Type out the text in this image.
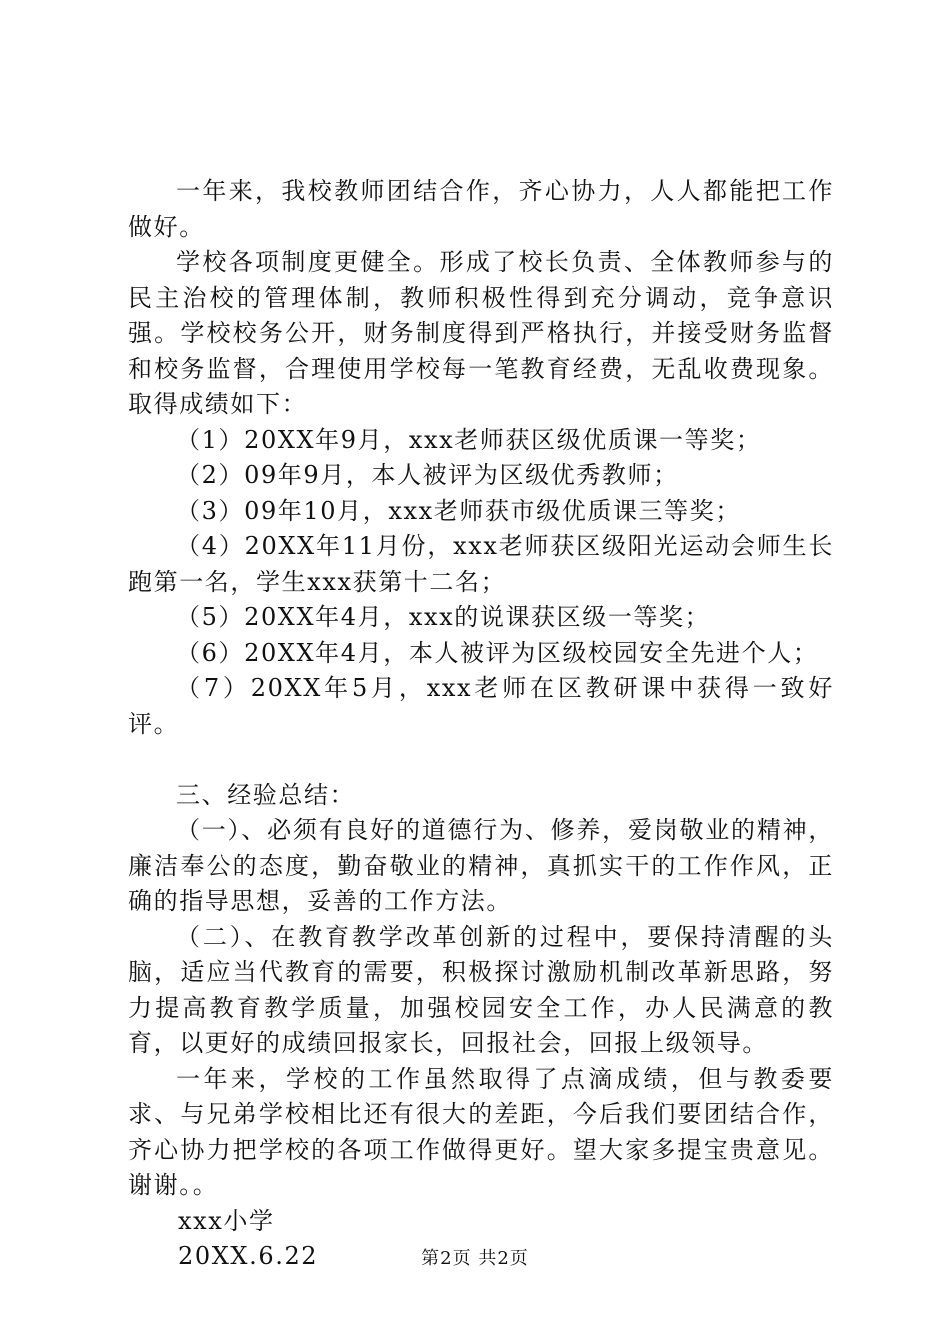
一年来，我校教师团结合作，齐心协力，人人都能把工作做好。

学校各项制度更健全。形成了校长负责、全体教师参与的民主治校的管理体制，教师积极性得到充分调动，竞争意识强。学校校务公开，财务制度得到严格执行，并接受财务监督和校务监督，合理使用学校每一笔教育经费，无乱收费现象。取得成绩如下：

（1）20XX年9月，xxx老师获区级优质课一等奖；

（2）09年9月，本人被评为区级优秀教师；

（3）09年10月，xxx老师获市级优质课三等奖；

（4）20XX年11月份，xxx老师获区级阳光运动会师生长跑第一名，学生xxx获第十二名；

（5）20XX年4月，xxx的说课获区级一等奖；

（6）20XX年4月，本人被评为区级校园安全先进个人；

（7）20XX年5月，xxx老师在区教研课中获得一致好评。

三、经验总结：

（一）、必须有良好的道德行为、修养，爱岗敬业的精神，廉洁奉公的态度，勤奋敬业的精神，真抓实干的工作作风，正确的指导思想，妥善的工作方法。

（二）、在教育教学改革创新的过程中，要保持清醒的头脑，适应当代教育的需要，积极探讨激励机制改革新思路，努力提高教育教学质量，加强校园安全工作，办人民满意的教育，以更好的成绩回报家长，回报社会，回报上级领导。

一年来，学校的工作虽然取得了点滴成绩，但与教委要求、与兄弟学校相比还有很大的差距，今后我们要团结合作，齐心协力把学校的各项工作做得更好。望大家多提宝贵意见。谢谢。。

xxx小学

20XX.6.22	第2页 共2页
